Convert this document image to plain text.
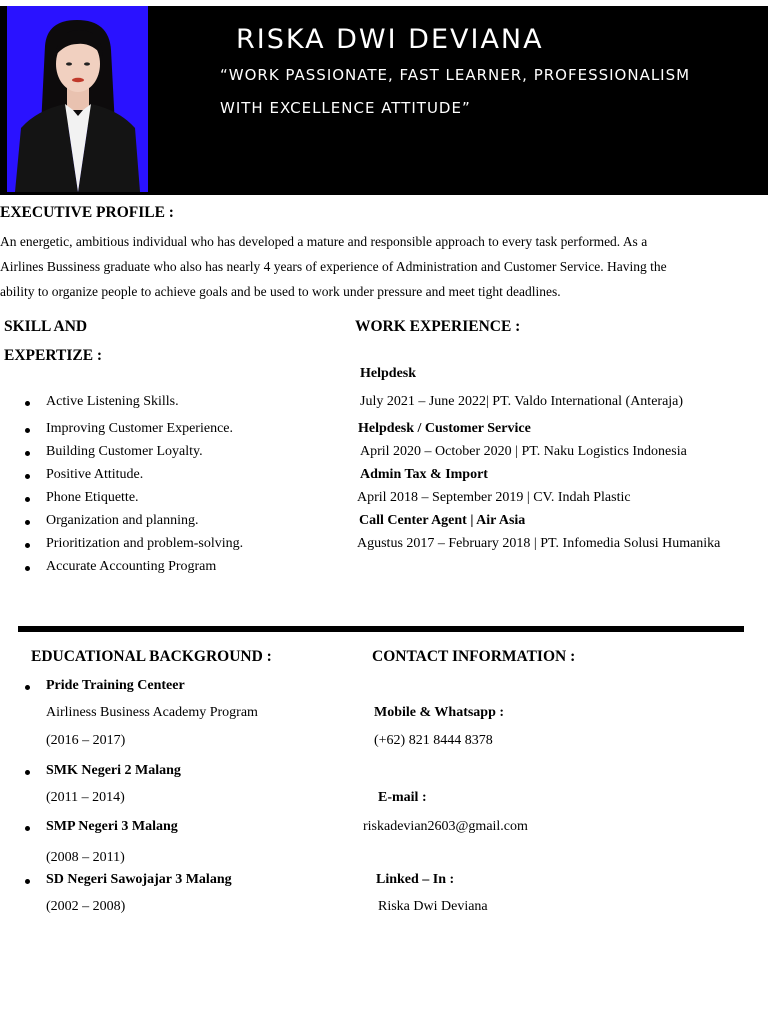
RISKA DWI DEVIANA
“WORK PASSIONATE, FAST LEARNER, PROFESSIONALISM
WITH EXCELLENCE ATTITUDE”
EXECUTIVE PROFILE :
An energetic, ambitious individual who has developed a mature and responsible approach to every task performed. As a
Airlines Bussiness graduate who also has nearly 4 years of experience of Administration and Customer Service. Having the
ability to organize people to achieve goals and be used to work under pressure and meet tight deadlines.
SKILL AND
EXPERTIZE :
Active Listening Skills.
Improving Customer Experience.
Building Customer Loyalty.
Positive Attitude.
Phone Etiquette.
Organization and planning.
Prioritization and problem-solving.
Accurate Accounting Program
WORK EXPERIENCE :
Helpdesk
July 2021 – June 2022| PT. Valdo International (Anteraja)
Helpdesk / Customer Service
April 2020 – October 2020 | PT. Naku Logistics Indonesia
Admin Tax & Import
April 2018 – September 2019 | CV. Indah Plastic
Call Center Agent | Air Asia
Agustus 2017 – February 2018 | PT. Infomedia Solusi Humanika
EDUCATIONAL BACKGROUND :
Pride Training Centeer
Airliness Business Academy Program
(2016 – 2017)
SMK Negeri 2 Malang
(2011 – 2014)
SMP Negeri 3 Malang
(2008 – 2011)
SD Negeri Sawojajar 3 Malang
(2002 – 2008)
CONTACT INFORMATION :
Mobile & Whatsapp :
(+62) 821 8444 8378
E-mail :
riskadevian2603@gmail.com
Linked – In :
Riska Dwi Deviana
